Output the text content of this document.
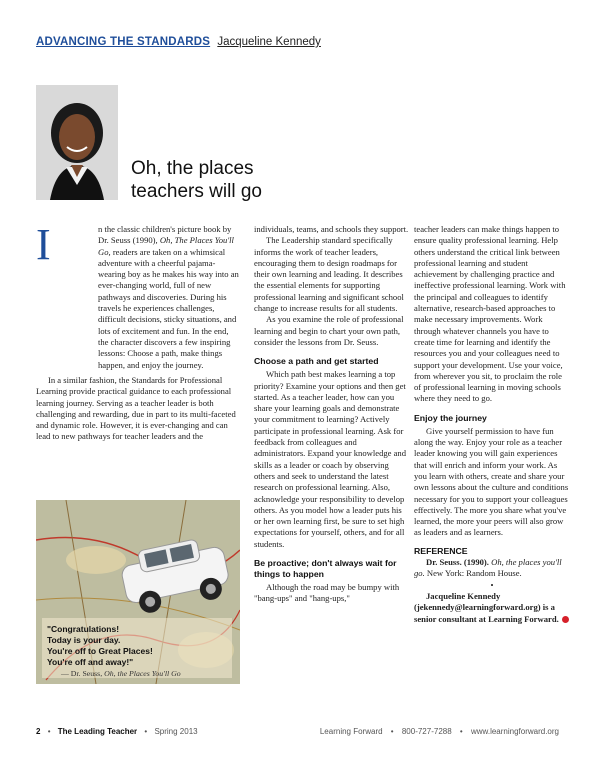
ADVANCING THE STANDARDS Jacqueline Kennedy
Oh, the places teachers will go

I	n the classic children's picture book by Dr. Seuss (1990), Oh, The Places You'll Go, readers are taken on a whimsical adventure with a cheerful pajama-wearing boy as he makes his way into an ever-changing world, full of new pathways and discoveries. During his travels he experiences challenges, difficult decisions, sticky situations, and lots of excitement and fun. In the end, the character discovers a few inspiring lessons: Choose a path, make things happen, and enjoy the journey.

In a similar fashion, the Standards for Professional Learning provide practical guidance to each professional learning journey. Serving as a teacher leader is both challenging and rewarding, due in part to its multi-faceted and dynamic role. However, it is ever-changing and can lead to new pathways for teacher leaders and the

"Congratulations!
Today is your day.
You're off to Great Places!
You're off and away!"
— Dr. Seuss, Oh, the Places You'll Go

individuals, teams, and schools they support.

The Leadership standard specifically informs the work of teacher leaders, encouraging them to design roadmaps for their own learning and leading. It describes the essential elements for supporting professional learning and significant school change to increase results for all students.

As you examine the role of professional learning and begin to chart your own path, consider the lessons from Dr. Seuss.

Choose a path and get started

Which path best makes learning a top priority? Examine your options and then get started. As a teacher leader, how can you share your learning goals and demonstrate your commitment to learning? Actively participate in professional learning. Ask for feedback from colleagues and administrators. Expand your knowledge and skills as a leader or coach by observing others and seek to understand the latest research on professional learning. Also, acknowledge your responsibility to develop others. As you model how a leader puts his or her own learning first, be sure to set high expectations for yourself, others, and for all students.

Be proactive; don't always wait for things to happen

Although the road may be bumpy with "bang-ups" and "hang-ups,"

teacher leaders can make things happen to ensure quality professional learning. Help others understand the critical link between professional learning and student achievement by challenging practice and ineffective professional learning. Work with the principal and colleagues to identify alternative, research-based approaches to make necessary improvements. Work through whatever channels you have to create time for learning and identify the resources you and your colleagues need to support your development. Use your voice, from wherever you sit, to proclaim the role of professional learning in moving schools where they need to go.

Enjoy the journey

Give yourself permission to have fun along the way. Enjoy your role as a teacher leader knowing you will gain experiences that will enrich and inform your work. As you learn with others, create and share your own lessons about the culture and conditions necessary for you to support your colleagues effectively. The more you share what you've learned, the more your peers will also grow as leaders and as learners.

REFERENCE
Dr. Seuss. (1990). Oh, the places you'll go. New York: Random House.
•
Jacqueline Kennedy
(jekennedy@learningforward.org) is a senior consultant at Learning Forward.
2 • The Leading Teacher • Spring 2013	Learning Forward • 800-727-7288 • www.learningforward.org
